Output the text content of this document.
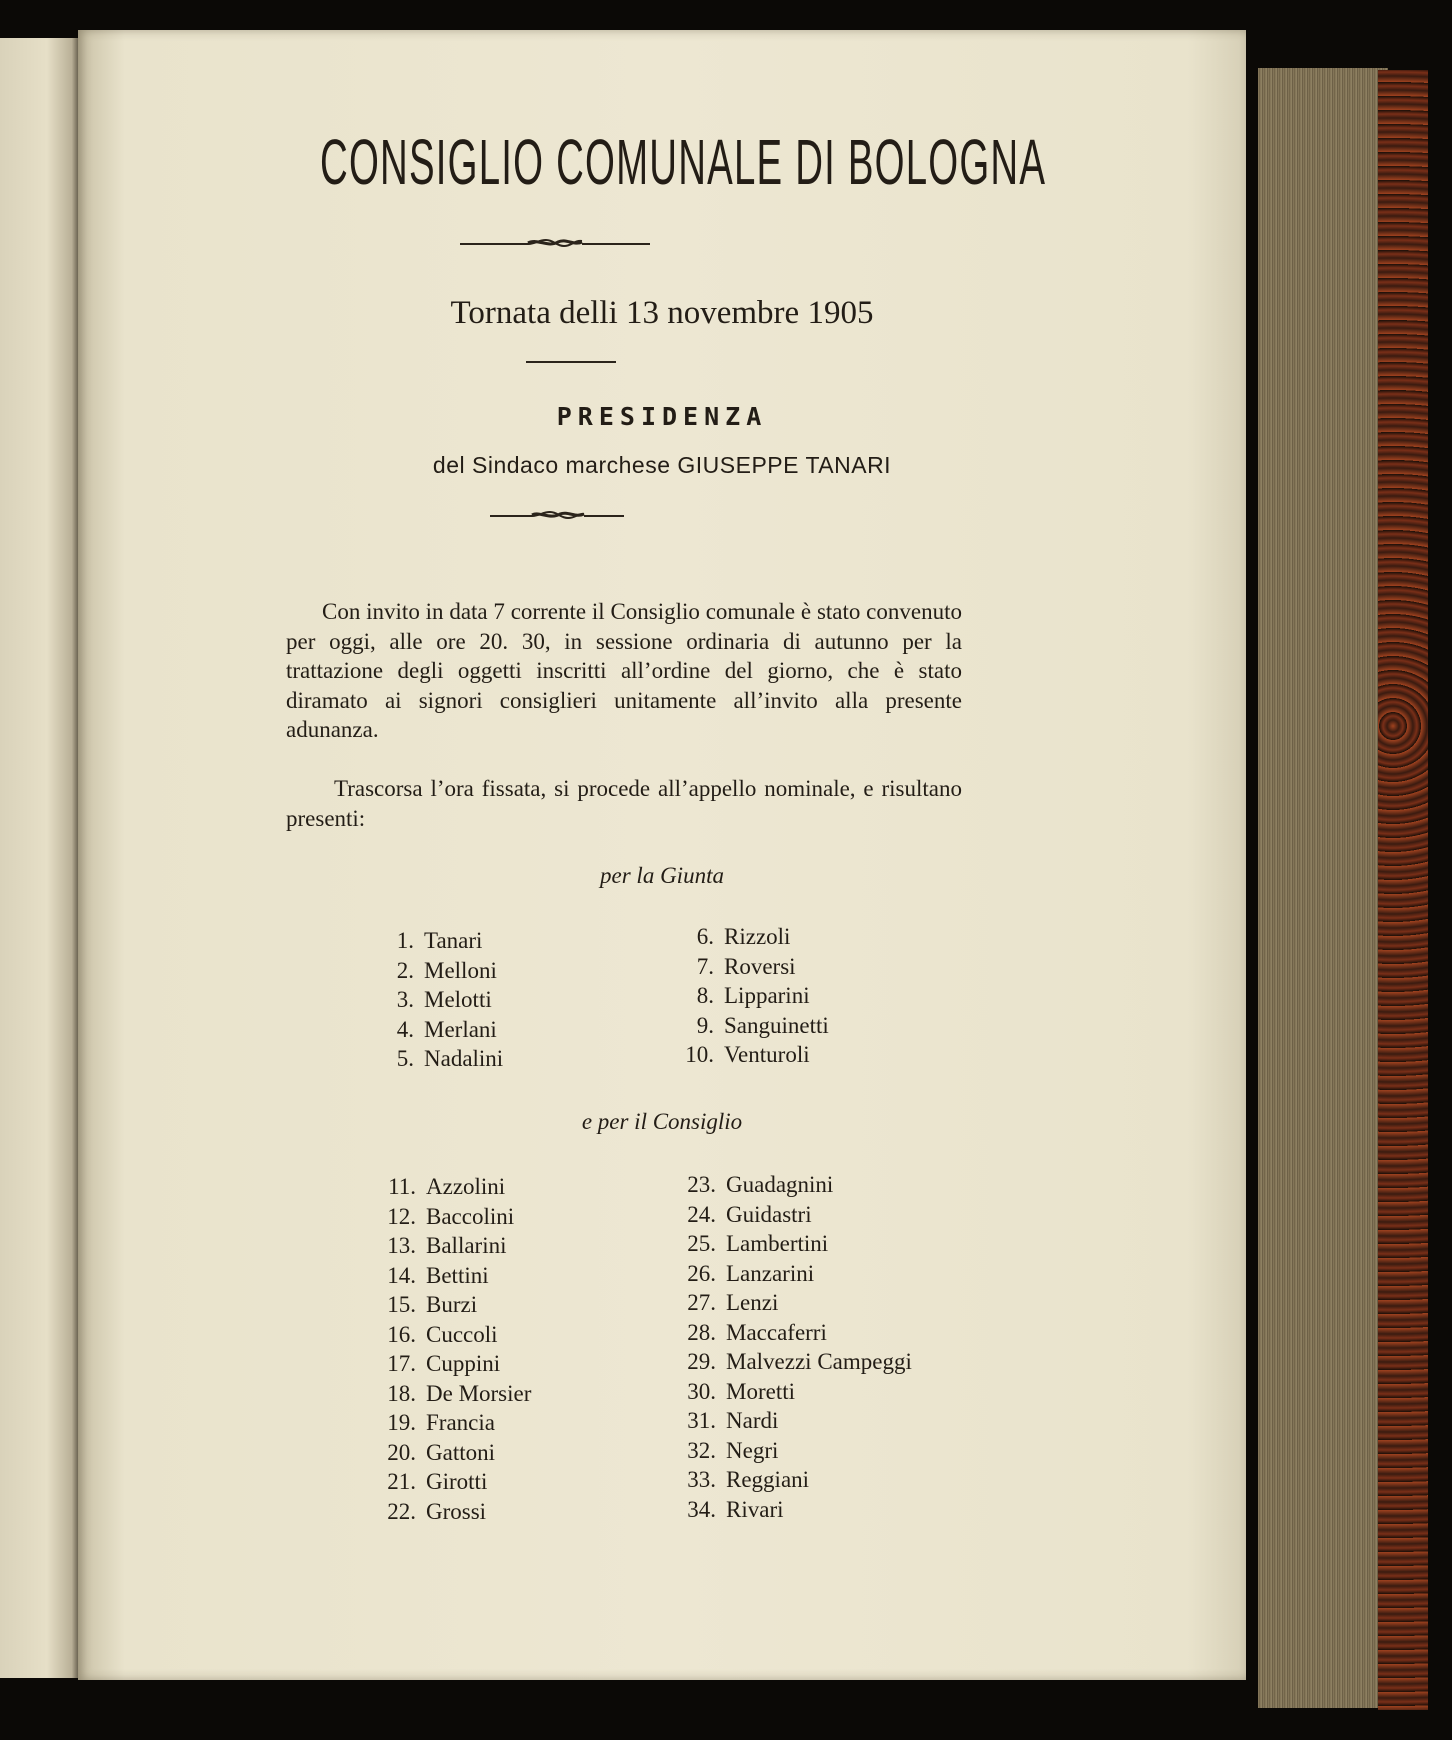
CONSIGLIO COMUNALE DI BOLOGNA
Tornata delli 13 novembre 1905
PRESIDENZA
del Sindaco marchese GIUSEPPE TANARI
Con invito in data 7 corrente il Consiglio comunale è stato convenuto per oggi, alle ore 20. 30, in sessione ordinaria di autunno per la trattazione degli oggetti inscritti all’ordine del giorno, che è stato diramato ai signori consiglieri unitamente all’invito alla presente adunanza.
Trascorsa l’ora fissata, si procede all’appello nominale, e risultano presenti:
per la Giunta
1. Tanari
2. Melloni
3. Melotti
4. Merlani
5. Nadalini
6. Rizzoli
7. Roversi
8. Lipparini
9. Sanguinetti
10. Venturoli
e per il Consiglio
11. Azzolini
12. Baccolini
13. Ballarini
14. Bettini
15. Burzi
16. Cuccoli
17. Cuppini
18. De Morsier
19. Francia
20. Gattoni
21. Girotti
22. Grossi
23. Guadagnini
24. Guidastri
25. Lambertini
26. Lanzarini
27. Lenzi
28. Maccaferri
29. Malvezzi Campeggi
30. Moretti
31. Nardi
32. Negri
33. Reggiani
34. Rivari
